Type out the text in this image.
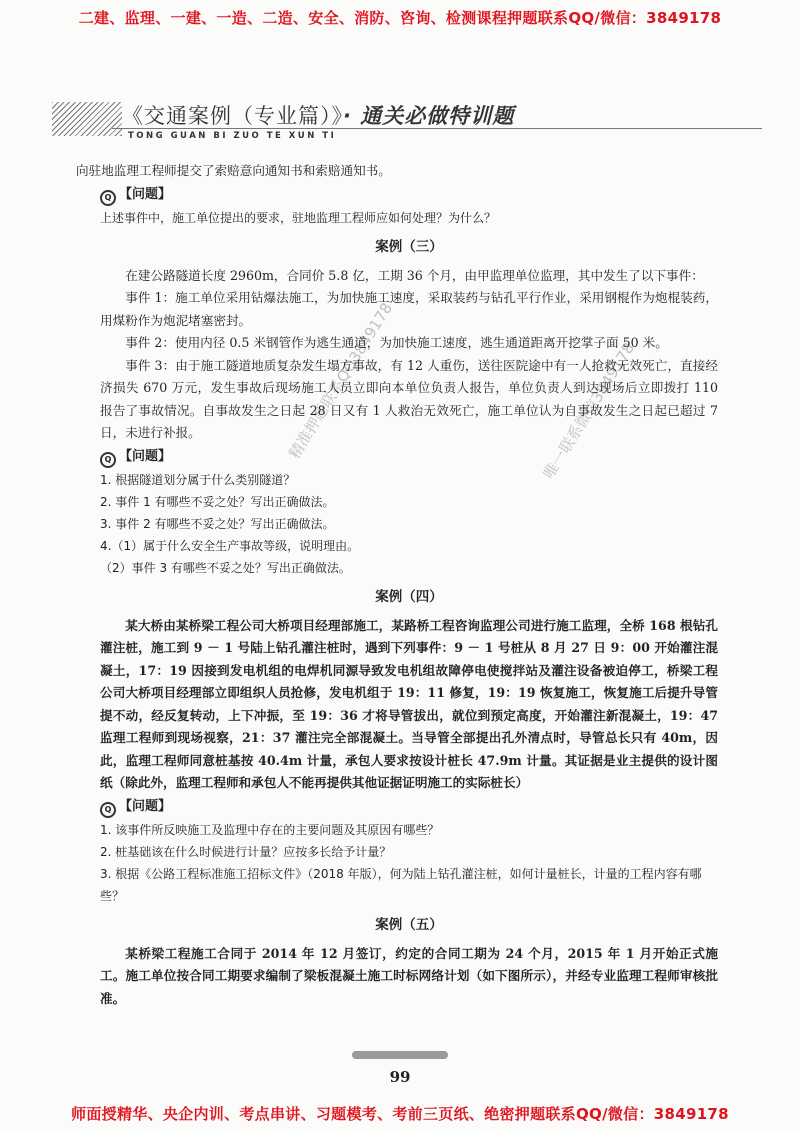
二建、监理、一建、一造、二造、安全、消防、咨询、检测课程押题联系QQ/微信：3849178
《交通案例（专业篇）》· 通关必做特训题
TONG GUAN BI ZUO TE XUN TI
精准押题联系QQ3849178	唯一联系微信3849178

向驻地监理工程师提交了索赔意向通知书和索赔通知书。

Q 【问题】
上述事件中，施工单位提出的要求，驻地监理工程师应如何处理？为什么？
案例（三）

在建公路隧道长度 2960m，合同价 5.8 亿，工期 36 个月，由甲监理单位监理，其中发生了以下事件：

事件 1：施工单位采用钻爆法施工，为加快施工速度，采取装药与钻孔平行作业，采用钢棍作为炮棍装药，用煤粉作为炮泥堵塞密封。

事件 2：使用内径 0.5 米钢管作为逃生通道，为加快施工速度，逃生通道距离开挖掌子面 50 米。

事件 3：由于施工隧道地质复杂发生塌方事故，有 12 人重伤，送往医院途中有一人抢救无效死亡，直接经济损失 670 万元，发生事故后现场施工人员立即向本单位负责人报告，单位负责人到达现场后立即拨打 110 报告了事故情况。自事故发生之日起 28 日又有 1 人救治无效死亡，施工单位认为自事故发生之日起已超过 7 日，未进行补报。

Q 【问题】
1. 根据隧道划分属于什么类别隧道？
2. 事件 1 有哪些不妥之处？写出正确做法。
3. 事件 2 有哪些不妥之处？写出正确做法。
4.（1）属于什么安全生产事故等级，说明理由。
（2）事件 3 有哪些不妥之处？写出正确做法。
案例（四）

某大桥由某桥梁工程公司大桥项目经理部施工，某路桥工程咨询监理公司进行施工监理，全桥 168 根钻孔灌注桩，施工到 9 － 1 号陆上钻孔灌注桩时，遇到下列事件：9 － 1 号桩从 8 月 27 日 9：00 开始灌注混凝土，17：19 因接到发电机组的电焊机同源导致发电机组故障停电使搅拌站及灌注设备被迫停工，桥梁工程公司大桥项目经理部立即组织人员抢修，发电机组于 19：11 修复，19：19 恢复施工，恢复施工后提升导管提不动，经反复转动，上下冲振，至 19：36 才将导管拔出，就位到预定高度，开始灌注新混凝土，19：47 监理工程师到现场视察，21：37 灌注完全部混凝土。当导管全部提出孔外清点时，导管总长只有 40m，因此，监理工程师同意桩基按 40.4m 计量，承包人要求按设计桩长 47.9m 计量。其证据是业主提供的设计图纸（除此外，监理工程师和承包人不能再提供其他证据证明施工的实际桩长）

Q 【问题】
1. 该事件所反映施工及监理中存在的主要问题及其原因有哪些？
2. 桩基础该在什么时候进行计量？应按多长给予计量？
3. 根据《公路工程标准施工招标文件》（2018 年版），何为陆上钻孔灌注桩，如何计量桩长，计量的工程内容有哪些？
案例（五）

某桥梁工程施工合同于 2014 年 12 月签订，约定的合同工期为 24 个月，2015 年 1 月开始正式施工。施工单位按合同工期要求编制了梁板混凝土施工时标网络计划（如下图所示），并经专业监理工程师审核批准。

99
师面授精华、央企内训、考点串讲、习题模考、考前三页纸、绝密押题联系QQ/微信：3849178
